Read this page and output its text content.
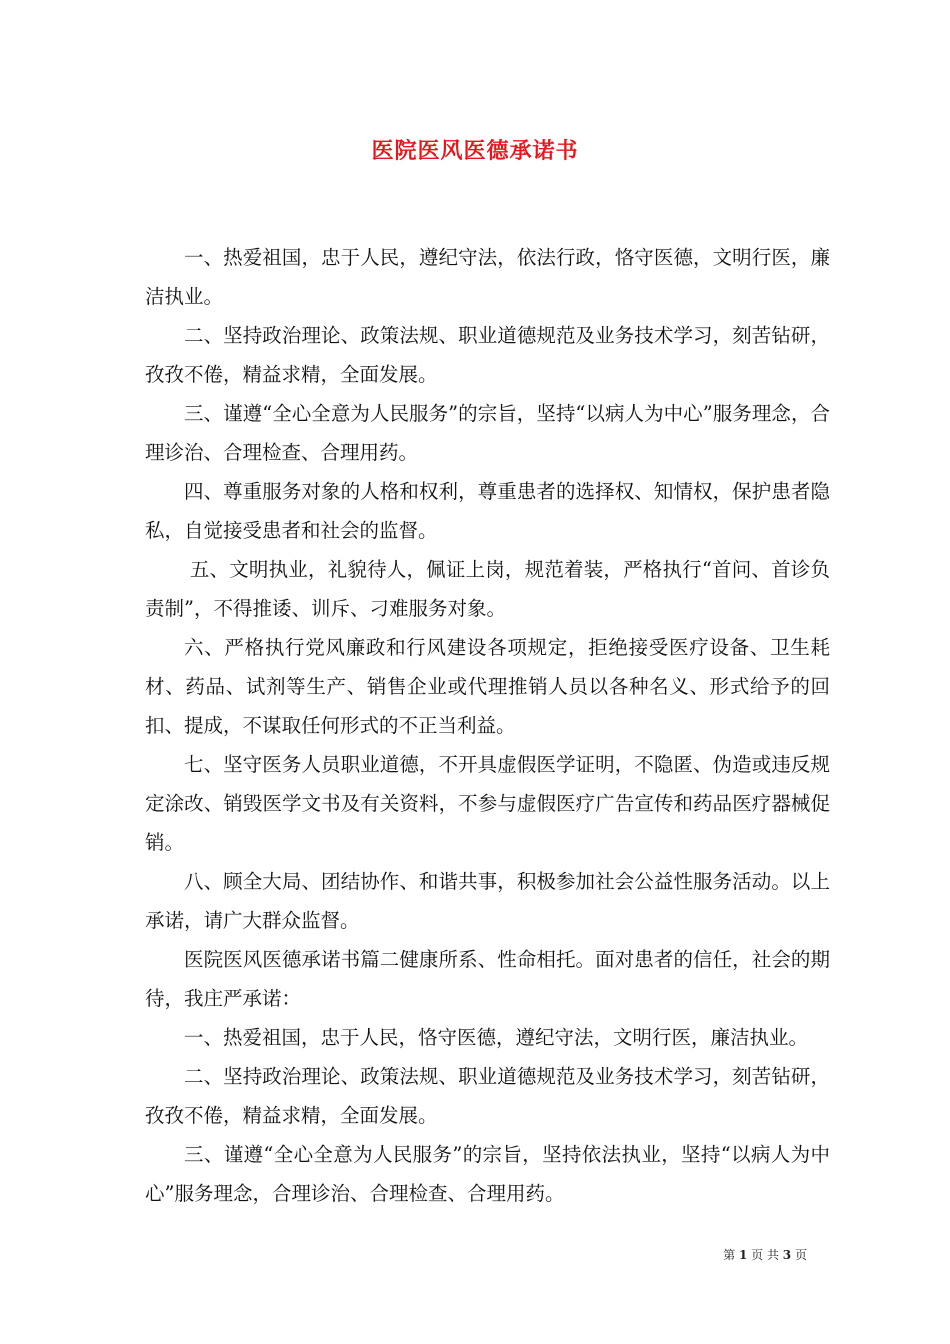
医院医风医德承诺书

一、热爱祖国，忠于人民，遵纪守法，依法行政，恪守医德，文明行医，廉洁执业。

二、坚持政治理论、政策法规、职业道德规范及业务技术学习，刻苦钻研，孜孜不倦，精益求精，全面发展。

三、谨遵“全心全意为人民服务”的宗旨，坚持“以病人为中心”服务理念，合理诊治、合理检查、合理用药。

四、尊重服务对象的人格和权利，尊重患者的选择权、知情权，保护患者隐私，自觉接受患者和社会的监督。

五、文明执业，礼貌待人，佩证上岗，规范着装，严格执行“首问、首诊负责制”，不得推诿、训斥、刁难服务对象。

六、严格执行党风廉政和行风建设各项规定，拒绝接受医疗设备、卫生耗材、药品、试剂等生产、销售企业或代理推销人员以各种名义、形式给予的回扣、提成，不谋取任何形式的不正当利益。

七、坚守医务人员职业道德，不开具虚假医学证明，不隐匿、伪造或违反规定涂改、销毁医学文书及有关资料，不参与虚假医疗广告宣传和药品医疗器械促销。

八、顾全大局、团结协作、和谐共事，积极参加社会公益性服务活动。以上承诺，请广大群众监督。

医院医风医德承诺书篇二健康所系、性命相托。面对患者的信任，社会的期待，我庄严承诺：

一、热爱祖国，忠于人民，恪守医德，遵纪守法，文明行医，廉洁执业。

二、坚持政治理论、政策法规、职业道德规范及业务技术学习，刻苦钻研，孜孜不倦，精益求精，全面发展。

三、谨遵“全心全意为人民服务”的宗旨，坚持依法执业，坚持“以病人为中心”服务理念，合理诊治、合理检查、合理用药。

第 1 页 共 3 页
